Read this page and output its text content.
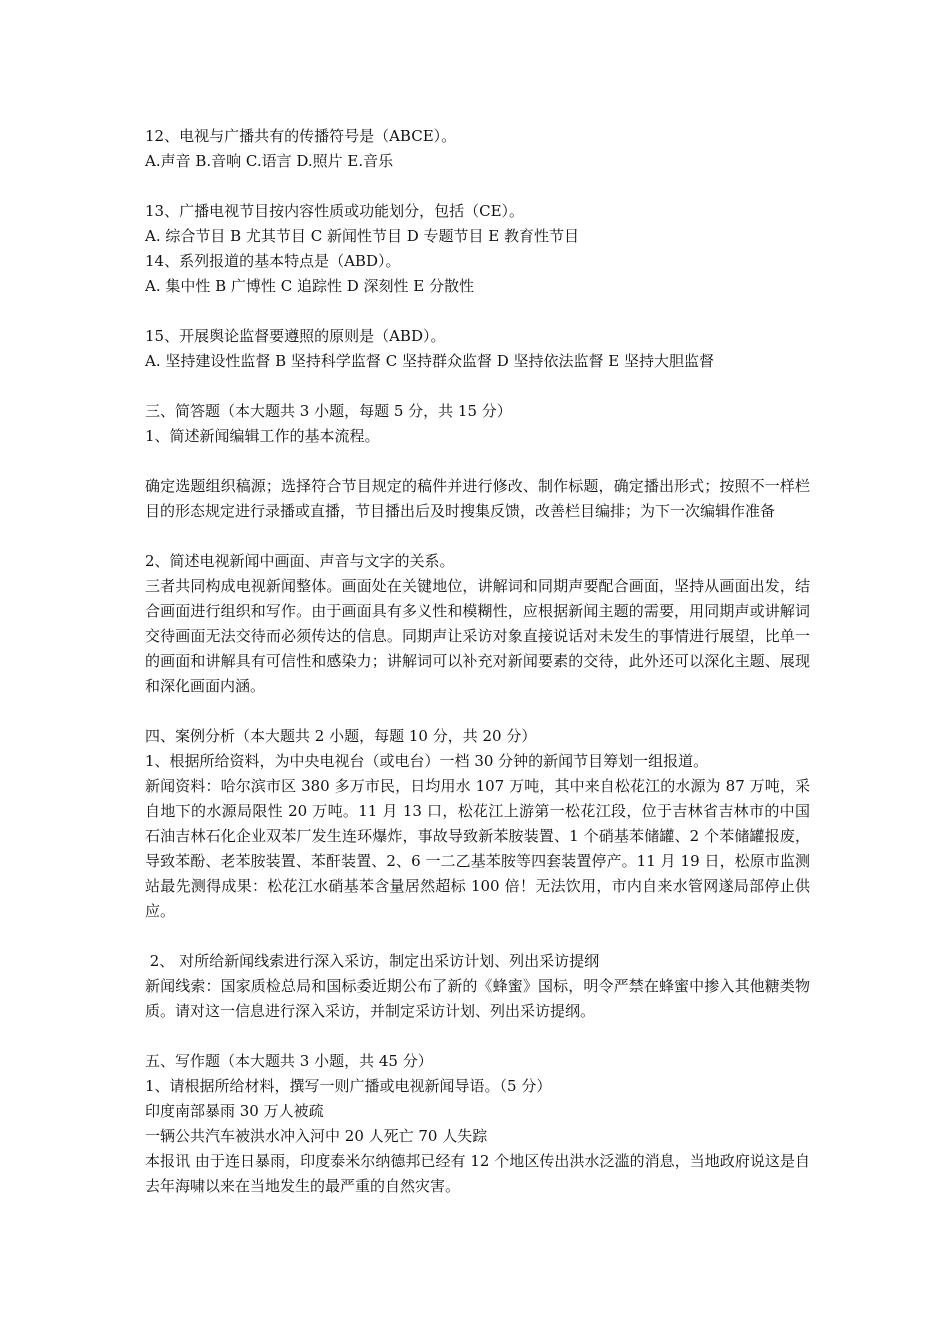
12、电视与广播共有的传播符号是（ABCE）。
A.声音 B.音响 C.语言 D.照片 E.音乐
13、广播电视节目按内容性质或功能划分，包括（CE）。
A. 综合节目 B 尤其节目 C 新闻性节目 D 专题节目 E 教育性节目
14、系列报道的基本特点是（ABD）。
A. 集中性 B 广博性 C 追踪性 D 深刻性 E 分散性
15、开展舆论监督要遵照的原则是（ABD）。
A. 坚持建设性监督 B 坚持科学监督 C 坚持群众监督 D 坚持依法监督 E 坚持大胆监督
三、简答题（本大题共 3 小题，每题 5 分，共 15 分）
1、简述新闻编辑工作的基本流程。
确定选题组织稿源；选择符合节目规定的稿件并进行修改、制作标题，确定播出形式；按照不一样栏目的形态规定进行录播或直播，节目播出后及时搜集反馈，改善栏目编排；为下一次编辑作准备
2、简述电视新闻中画面、声音与文字的关系。
三者共同构成电视新闻整体。画面处在关键地位，讲解词和同期声要配合画面，坚持从画面出发，结合画面进行组织和写作。由于画面具有多义性和模糊性，应根据新闻主题的需要，用同期声或讲解词交待画面无法交待而必须传达的信息。同期声让采访对象直接说话对未发生的事情进行展望，比单一的画面和讲解具有可信性和感染力；讲解词可以补充对新闻要素的交待，此外还可以深化主题、展现和深化画面内涵。
四、案例分析（本大题共 2 小题，每题 10 分，共 20 分）
1、根据所给资料，为中央电视台（或电台）一档 30 分钟的新闻节目筹划一组报道。
新闻资料：哈尔滨市区 380 多万市民，日均用水 107 万吨，其中来自松花江的水源为 87 万吨，采自地下的水源局限性 20 万吨。11 月 13 口，松花江上游第一松花江段，位于吉林省吉林市的中国石油吉林石化企业双苯厂发生连环爆炸，事故导致新苯胺装置、1 个硝基苯储罐、2 个苯储罐报废，导致苯酚、老苯胺装置、苯酐装置、2、6 一二乙基苯胺等四套装置停产。11 月 19 日，松原市监测站最先测得成果：松花江水硝基苯含量居然超标 100 倍！无法饮用，市内自来水管网遂局部停止供应。
2、 对所给新闻线索进行深入采访，制定出采访计划、列出采访提纲
新闻线索：国家质检总局和国标委近期公布了新的《蜂蜜》国标，明令严禁在蜂蜜中掺入其他糖类物质。请对这一信息进行深入采访，并制定采访计划、列出采访提纲。
五、写作题（本大题共 3 小题，共 45 分）
1、请根据所给材料，撰写一则广播或电视新闻导语。（5 分）
印度南部暴雨 30 万人被疏
一辆公共汽车被洪水冲入河中 20 人死亡 70 人失踪
本报讯 由于连日暴雨，印度泰米尔纳德邦已经有 12 个地区传出洪水泛滥的消息，当地政府说这是自去年海啸以来在当地发生的最严重的自然灾害。
